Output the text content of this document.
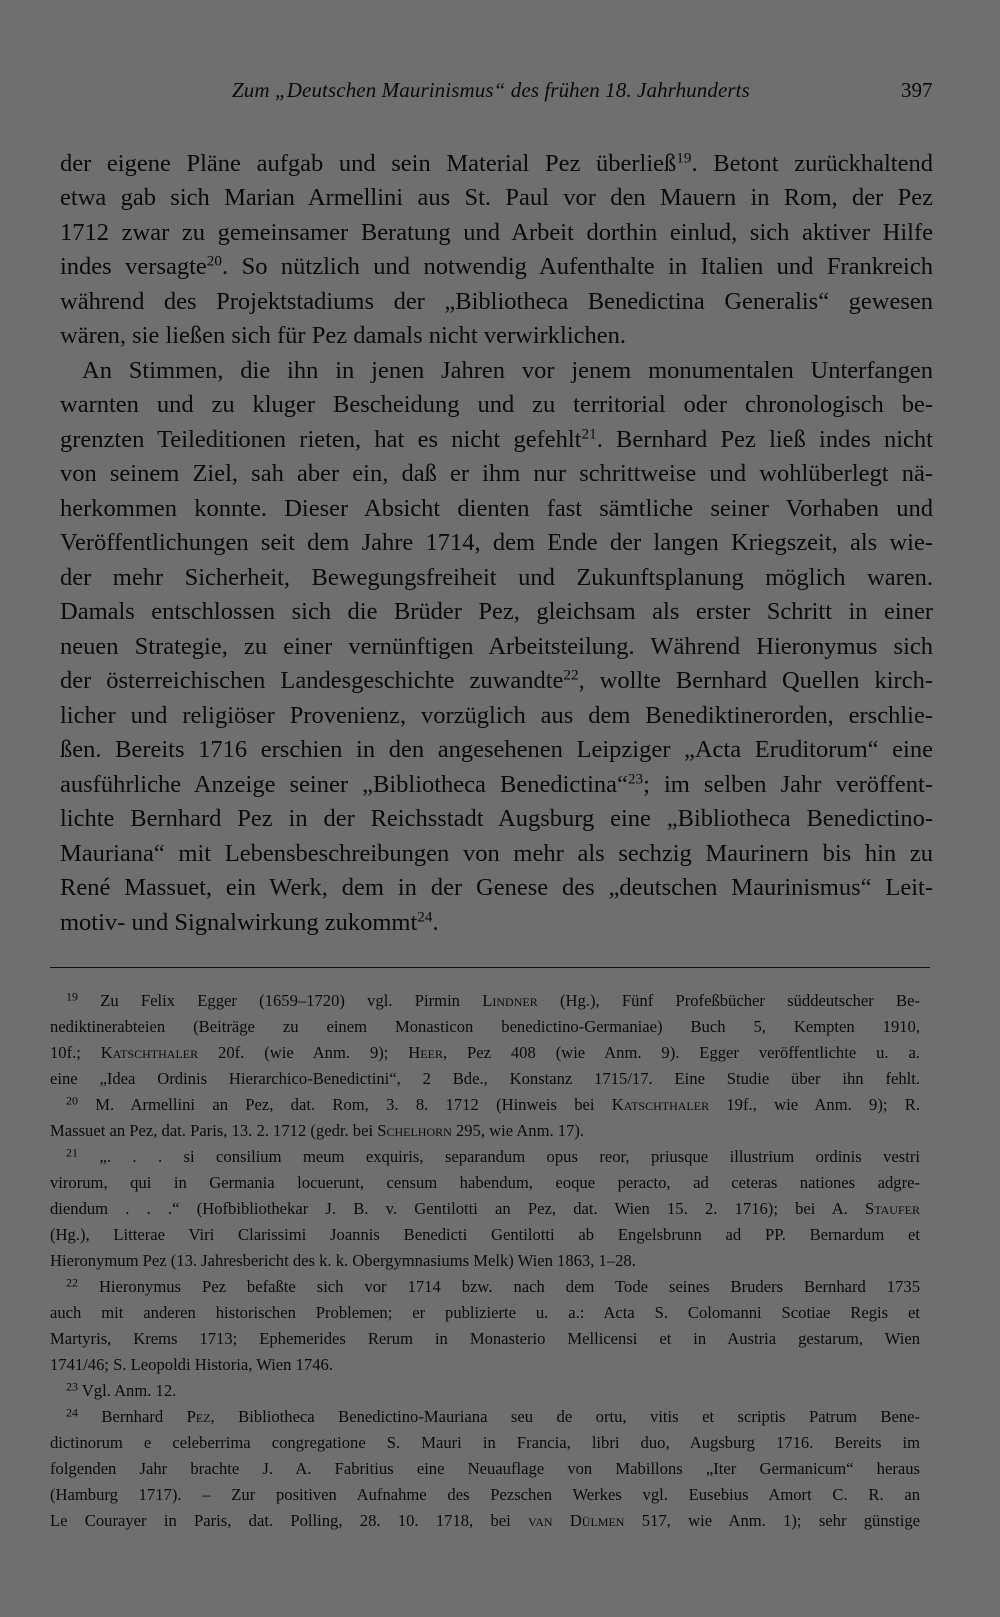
Zum „Deutschen Maurinismus“ des frühen 18. Jahrhunderts	397
der eigene Pläne aufgab und sein Material Pez überließ$^{19}$. Betont zurückhaltend
etwa gab sich Marian Armellini aus St. Paul vor den Mauern in Rom, der Pez
1712 zwar zu gemeinsamer Beratung und Arbeit dorthin einlud, sich aktiver Hilfe
indes versagte$^{20}$. So nützlich und notwendig Aufenthalte in Italien und Frankreich
während des Projektstadiums der „Bibliotheca Benedictina Generalis“ gewesen
wären, sie ließen sich für Pez damals nicht verwirklichen.
An Stimmen, die ihn in jenen Jahren vor jenem monumentalen Unterfangen
warnten und zu kluger Bescheidung und zu territorial oder chronologisch be-
grenzten Teileditionen rieten, hat es nicht gefehlt$^{21}$. Bernhard Pez ließ indes nicht
von seinem Ziel, sah aber ein, daß er ihm nur schrittweise und wohlüberlegt nä-
herkommen konnte. Dieser Absicht dienten fast sämtliche seiner Vorhaben und
Veröffentlichungen seit dem Jahre 1714, dem Ende der langen Kriegszeit, als wie-
der mehr Sicherheit, Bewegungsfreiheit und Zukunftsplanung möglich waren.
Damals entschlossen sich die Brüder Pez, gleichsam als erster Schritt in einer
neuen Strategie, zu einer vernünftigen Arbeitsteilung. Während Hieronymus sich
der österreichischen Landesgeschichte zuwandte$^{22}$, wollte Bernhard Quellen kirch-
licher und religiöser Provenienz, vorzüglich aus dem Benediktinerorden, erschlie-
ßen. Bereits 1716 erschien in den angesehenen Leipziger „Acta Eruditorum“ eine
ausführliche Anzeige seiner „Bibliotheca Benedictina“$^{23}$; im selben Jahr veröffent-
lichte Bernhard Pez in der Reichsstadt Augsburg eine „Bibliotheca Benedictino-
Mauriana“ mit Lebensbeschreibungen von mehr als sechzig Maurinern bis hin zu
René Massuet, ein Werk, dem in der Genese des „deutschen Maurinismus“ Leit-
motiv- und Signalwirkung zukommt$^{24}$.
$^{19}$ Zu Felix Egger (1659–1720) vgl. Pirmin Lindner (Hg.), Fünf Profeßbücher süddeutscher Be-
nediktinerabteien (Beiträge zu einem Monasticon benedictino-Germaniae) Buch 5, Kempten 1910,
10f.; Katschthaler 20f. (wie Anm. 9); Heer, Pez 408 (wie Anm. 9). Egger veröffentlichte u. a.
eine „Idea Ordinis Hierarchico-Benedictini“, 2 Bde., Konstanz 1715/17. Eine Studie über ihn fehlt.
$^{20}$ M. Armellini an Pez, dat. Rom, 3. 8. 1712 (Hinweis bei Katschthaler 19f., wie Anm. 9); R.
Massuet an Pez, dat. Paris, 13. 2. 1712 (gedr. bei Schelhorn 295, wie Anm. 17).
$^{21}$ „. . . si consilium meum exquiris, separandum opus reor, priusque illustrium ordinis vestri
virorum, qui in Germania locuerunt, censum habendum, eoque peracto, ad ceteras nationes adgre-
diendum . . .“ (Hofbibliothekar J. B. v. Gentilotti an Pez, dat. Wien 15. 2. 1716); bei A. Staufer
(Hg.), Litterae Viri Clarissimi Joannis Benedicti Gentilotti ab Engelsbrunn ad PP. Bernardum et
Hieronymum Pez (13. Jahresbericht des k. k. Obergymnasiums Melk) Wien 1863, 1–28.
$^{22}$ Hieronymus Pez befaßte sich vor 1714 bzw. nach dem Tode seines Bruders Bernhard 1735
auch mit anderen historischen Problemen; er publizierte u. a.: Acta S. Colomanni Scotiae Regis et
Martyris, Krems 1713; Ephemerides Rerum in Monasterio Mellicensi et in Austria gestarum, Wien
1741/46; S. Leopoldi Historia, Wien 1746.
$^{23}$ Vgl. Anm. 12.
$^{24}$ Bernhard Pez, Bibliotheca Benedictino-Mauriana seu de ortu, vitis et scriptis Patrum Bene-
dictinorum e celeberrima congregatione S. Mauri in Francia, libri duo, Augsburg 1716. Bereits im
folgenden Jahr brachte J. A. Fabritius eine Neuauflage von Mabillons „Iter Germanicum“ heraus
(Hamburg 1717). – Zur positiven Aufnahme des Pezschen Werkes vgl. Eusebius Amort C. R. an
Le Courayer in Paris, dat. Polling, 28. 10. 1718, bei van Dülmen 517, wie Anm. 1); sehr günstige
